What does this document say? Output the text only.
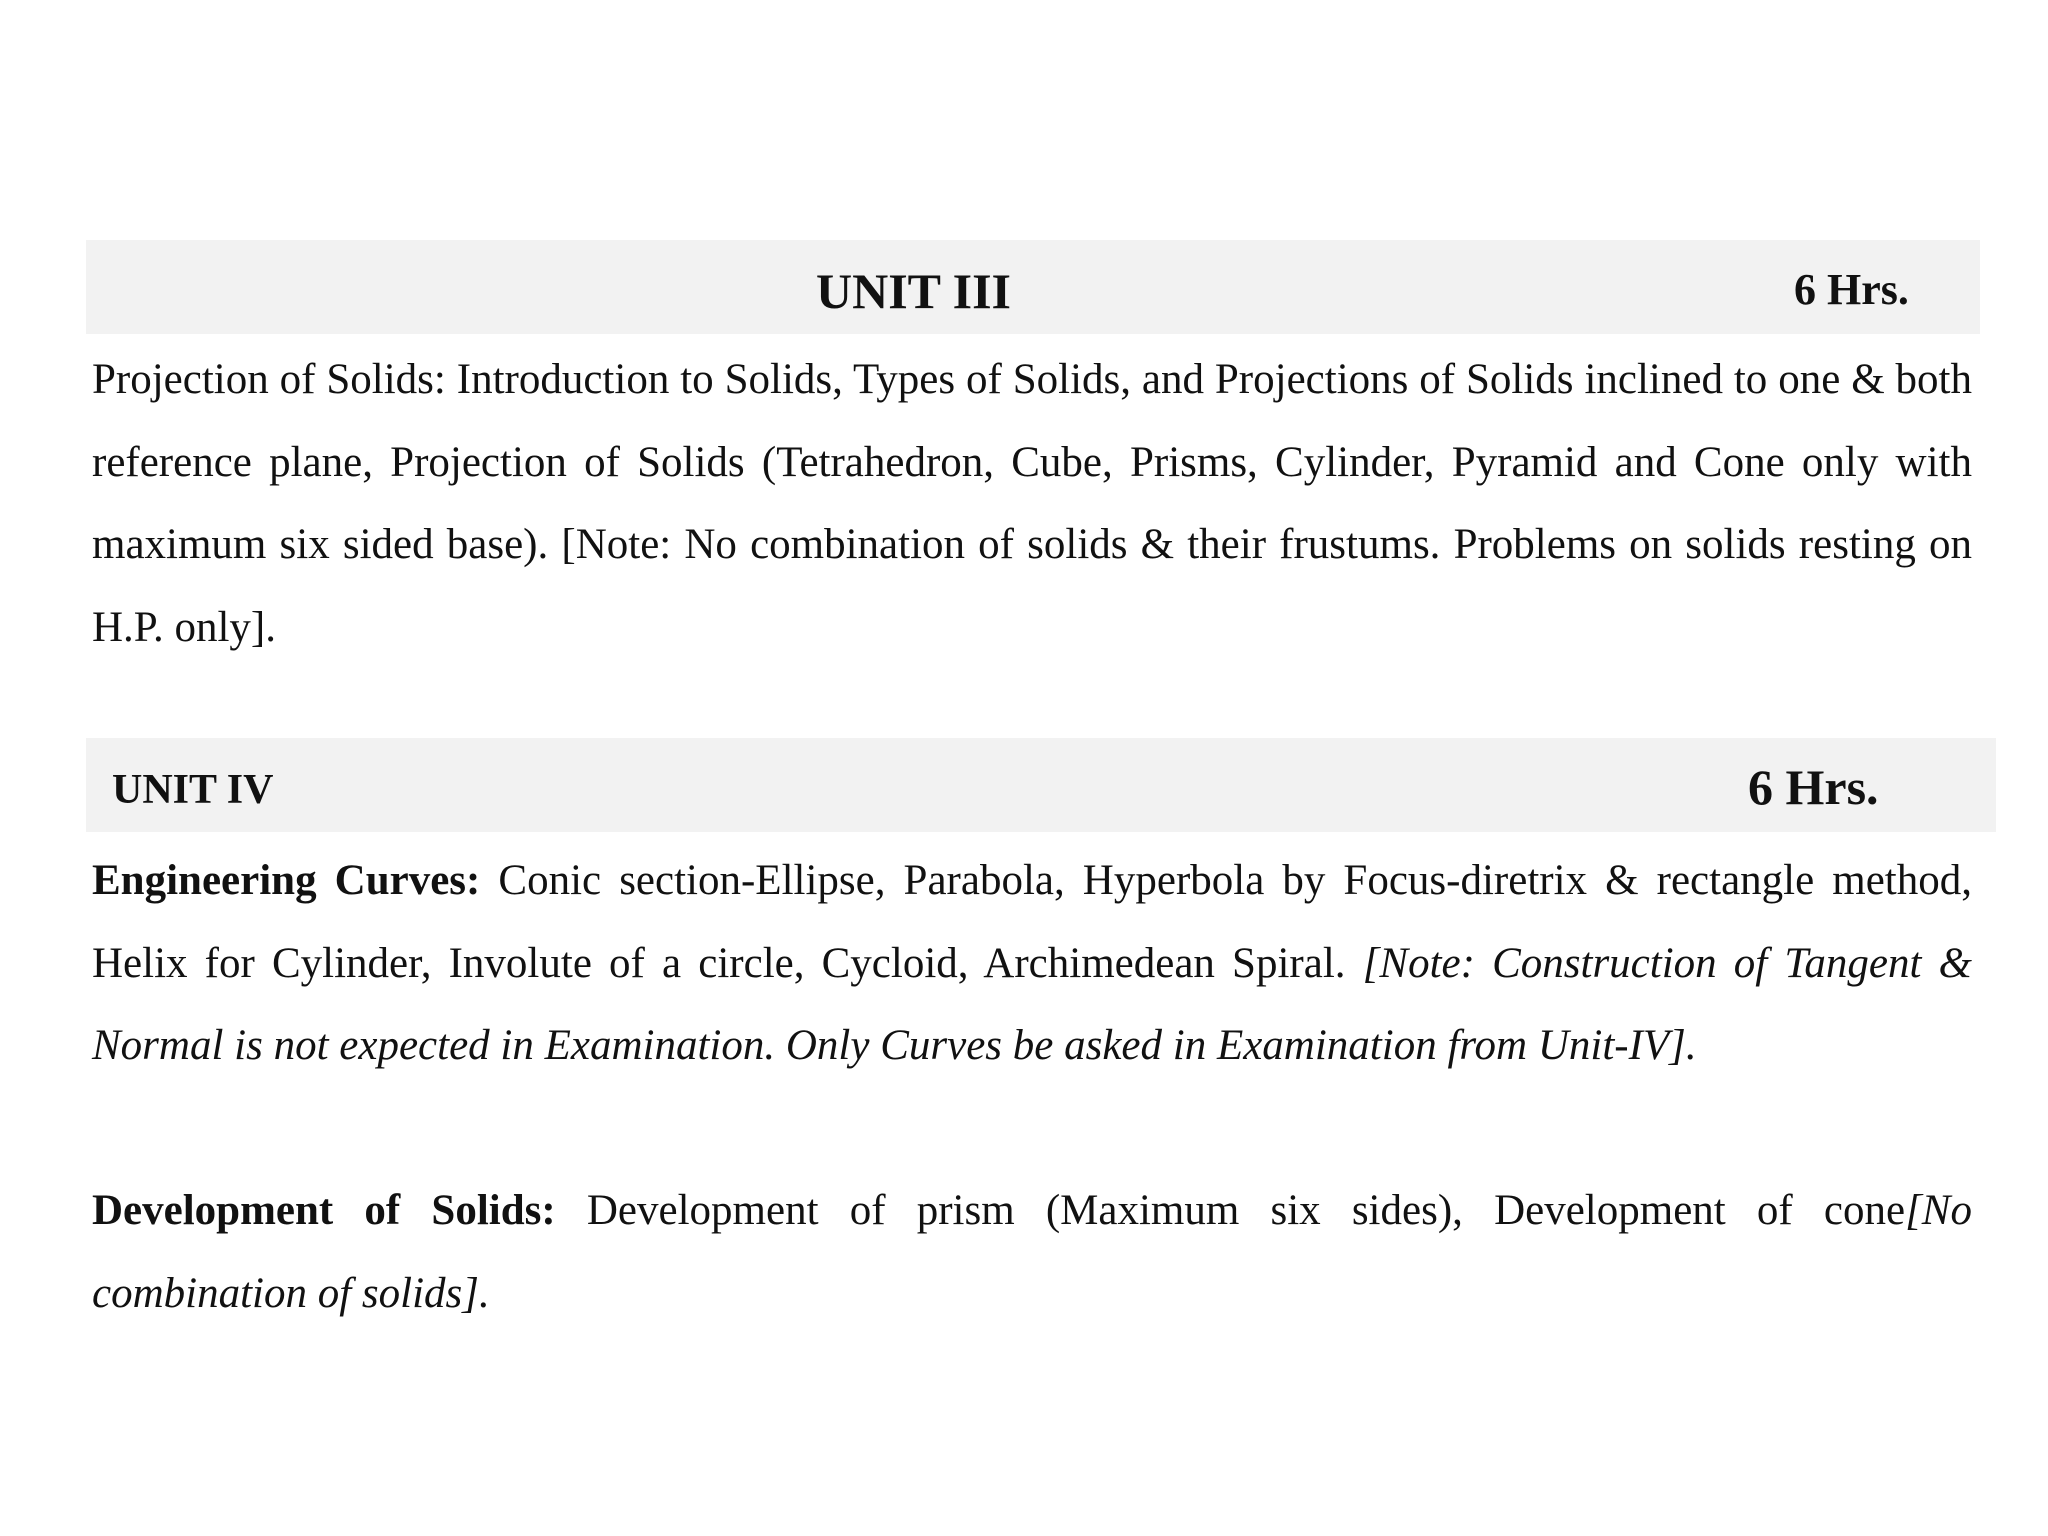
UNIT III	6 Hrs.

Projection of Solids: Introduction to Solids, Types of Solids, and Projections of Solids inclined to one & both reference plane, Projection of Solids (Tetrahedron, Cube, Prisms, Cylinder, Pyramid and Cone only with maximum six sided base). [Note: No combination of solids & their frustums. Problems on solids resting on H.P. only].

UNIT IV	6 Hrs.

Engineering Curves: Conic section-Ellipse, Parabola, Hyperbola by Focus-diretrix & rectangle method, Helix for Cylinder, Involute of a circle, Cycloid, Archimedean Spiral. [Note: Construction of Tangent & Normal is not expected in Examination. Only Curves be asked in Examination from Unit-IV].

Development of Solids: Development of prism (Maximum six sides), Development of cone[No combination of solids].
